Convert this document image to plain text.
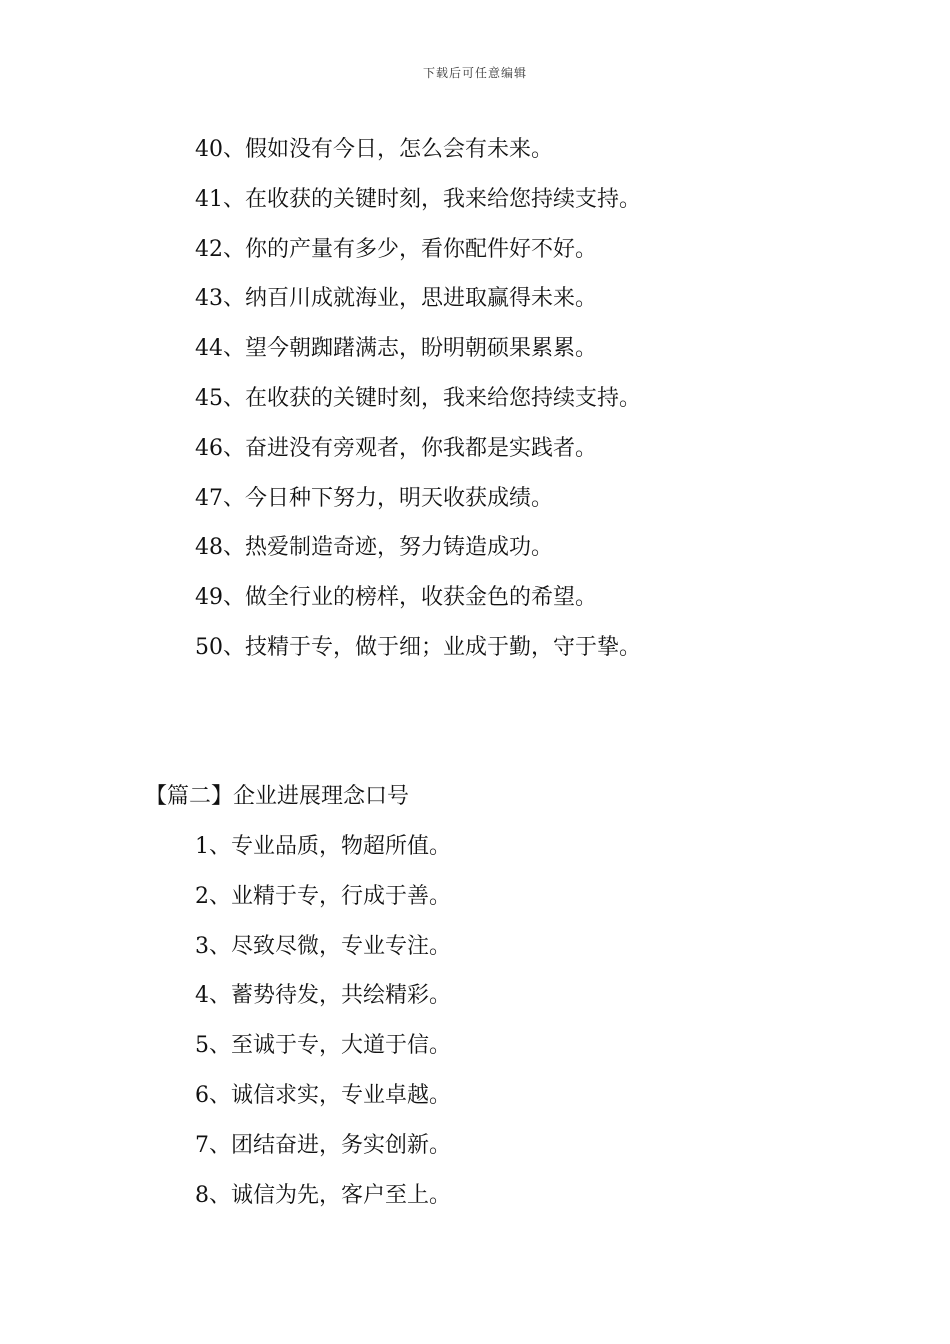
下载后可任意编辑
40、假如没有今日，怎么会有未来。
41、在收获的关键时刻，我来给您持续支持。
42、你的产量有多少，看你配件好不好。
43、纳百川成就海业，思进取赢得未来。
44、望今朝踟躇满志，盼明朝硕果累累。
45、在收获的关键时刻，我来给您持续支持。
46、奋进没有旁观者，你我都是实践者。
47、今日种下努力，明天收获成绩。
48、热爱制造奇迹，努力铸造成功。
49、做全行业的榜样，收获金色的希望。
50、技精于专，做于细；业成于勤，守于挚。
【篇二】企业进展理念口号
1、专业品质，物超所值。
2、业精于专，行成于善。
3、尽致尽微，专业专注。
4、蓄势待发，共绘精彩。
5、至诚于专，大道于信。
6、诚信求实，专业卓越。
7、团结奋进，务实创新。
8、诚信为先，客户至上。
